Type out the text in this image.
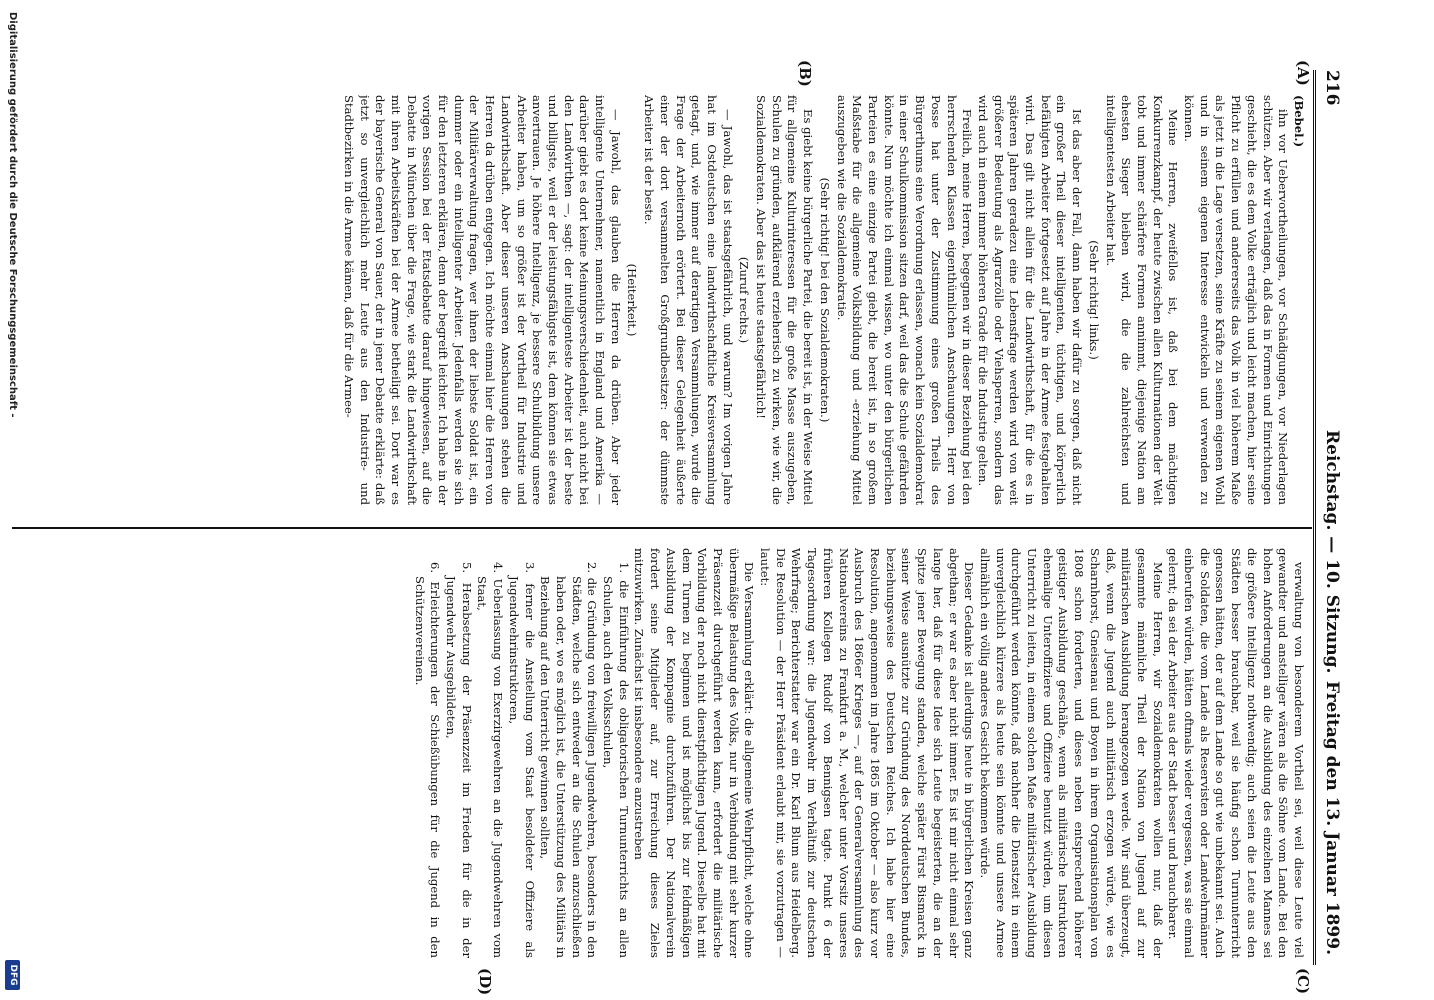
216
Reichstag. — 10. Sitzung.
Freitag den 13. Januar 1899.
(A)
(B)
(C)
(D)

(Bebel.)

ihn vor Uebervortheilungen, vor Schädigungen, vor Niederlagen schützen. Aber wir verlangen, daß das in Formen und Einrichtungen geschieht, die es dem Volke erträglich und leicht machen, hier seine Pflicht zu erfüllen und andererseits das Volk in viel höherem Maße als jetzt in die Lage versetzen, seine Kräfte zu seinem eigenen Wohl und in seinem eigenen Interesse entwickeln und verwenden zu können.

Meine Herren, zweifellos ist, daß bei dem mächtigen Konkurrenzkampf, der heute zwischen allen Kulturnationen der Welt tobt und immer schärfere Formen annimmt, diejenige Nation am ehesten Sieger bleiben wird, die die zahlreichsten und intelligentesten Arbeiter hat.

(Sehr richtig! links.)

Ist das aber der Fall, dann haben wir dafür zu sorgen, daß nicht ein großer Theil dieser intelligenten, tüchtigen, und körperlich befähigten Arbeiter fortgesetzt auf Jahre in der Armee festgehalten wird. Das gilt nicht allein für die Landwirthschaft, für die es in späteren Jahren geradezu eine Lebensfrage werden wird von weit größerer Bedeutung als Agrarzölle oder Viehsperren, sondern das wird auch in einem immer höheren Grade für die Industrie gelten.

Freilich, meine Herren, begegnen wir in dieser Beziehung bei den herrschenden Klassen eigenthümlichen Anschauungen. Herr von Posse hat unter der Zustimmung eines großen Theils des Bürgerthums eine Verordnung erlassen, wonach kein Sozialdemokrat in einer Schulkommission sitzen darf, weil das die Schule gefährden könnte. Nun möchte ich einmal wissen, wo unter den bürgerlichen Parteien es eine einzige Partei giebt, die bereit ist, in so großem Maßstabe für die allgemeine Volksbildung und -erziehung Mittel auszugeben wie die Sozialdemokratie.

(Sehr richtig! bei den Sozialdemokraten.)

Es giebt keine bürgerliche Partei, die bereit ist, in der Weise Mittel für allgemeine Kulturinteressen für die große Masse auszugeben, Schulen zu gründen, aufklärend erzieherisch zu wirken, wie wir, die Sozialdemokraten. Aber das ist heute staatsgefährlich!

(Zuruf rechts.)

— Jawohl, das ist staatsgefährlich, und warum? Im vorigen Jahre hat im Ostdeutschen eine landwirthschaftliche Kreisversammlung getagt, und, wie immer auf derartigen Versammlungen, wurde die Frage der Arbeiternoth erörtert. Bei dieser Gelegenheit äußerte einer der dort versammelten Großgrundbesitzer: der dümmste Arbeiter ist der beste.

(Heiterkeit.)

— Jawohl, das glauben die Herren da drüben. Aber jeder intelligente Unternehmer, namentlich in England und Amerika — darüber giebt es dort keine Meinungsverschiedenheit, auch nicht bei den Landwirthen —, sagt: der intelligenteste Arbeiter ist der beste und billigste, weil er der leistungsfähigste ist, dem können sie etwas anvertrauen. Je höhere Intelligenz, je bessere Schulbildung unsere Arbeiter haben, um so größer ist der Vortheil für Industrie und Landwirthschaft. Aber dieser unseren Anschauungen stehen die Herren da drüben entgegen. Ich möchte einmal hier die Herren von der Militärverwaltung fragen, wer ihnen der liebste Soldat ist, ein dummer oder ein intelligenter Arbeiter. Jedenfalls werden sie sich für den letzteren erklären, denn der begreift leichter. Ich habe in der vorigen Session bei der Etatsdebatte darauf hingewiesen, auf die Debatte in München über die Frage, wie stark die Landwirthschaft mit ihren Arbeitskräften bei der Armee betheiligt sei. Dort war es der bayerische General von Sauer, der in jener Debatte erklärte: daß jetzt so unvergleichlich mehr Leute aus den Industrie- und Stadtbezirken in die Armee kämen, daß für die Armee-

verwaltung von besonderem Vortheil sei, weil diese Leute viel gewandter und anstelliger wären als die Söhne vom Lande. Bei den hohen Anforderungen an die Ausbildung des einzelnen Mannes sei die größere Intelligenz nothwendig; auch seien die Leute aus den Städten besser brauchbar, weil sie häufig schon Turnunterricht genossen hätten, der auf dem Lande so gut wie unbekannt sei. Auch die Soldaten, die vom Lande als Reservisten oder Landwehrmänner einberufen würden, hätten oftmals wieder vergessen, was sie einmal gelernt; da sei der Arbeiter aus der Stadt besser und brauchbarer.

Meine Herren, wir Sozialdemokraten wollen nur, daß der gesammte männliche Theil der Nation von Jugend auf zur militärischen Ausbildung herangezogen werde. Wir sind überzeugt, daß, wenn die Jugend auch militärisch erzogen würde, wie es Scharnhorst, Gneisenau und Boyen in ihrem Organisationsplan von 1808 schon forderten, und dieses neben entsprechend höherer geistiger Ausbildung geschähe, wenn als militärische Instruktoren ehemalige Unteroffiziere und Offiziere benutzt würden, um diesen Unterricht zu leiten, in einem solchen Maße militärischer Ausbildung durchgeführt werden könnte, daß nachher die Dienstzeit in einem unvergleichlich kürzere als heute sein könnte und unsere Armee allmählich ein völlig anderes Gesicht bekommen würde.

Dieser Gedanke ist allerdings heute in bürgerlichen Kreisen ganz abgethan; er war es aber nicht immer. Es ist mir nicht einmal sehr lange her, daß für diese Idee sich Leute begeisterten, die an der Spitze jener Bewegung standen, welche später Fürst Bismarck in seiner Weise ausnützte zur Gründung des Norddeutschen Bundes, beziehungsweise des Deutschen Reiches. Ich habe hier eine Resolution, angenommen im Jahre 1865 im Oktober — also kurz vor Ausbruch des 1866er Krieges —, auf der Generalversammlung des Nationalvereins zu Frankfurt a. M., welcher unter Vorsitz unseres früheren Kollegen Rudolf von Bennigsen tagte. Punkt 6 der Tagesordnung war: die Jugendwehr im Verhältniß zur deutschen Wehrfrage; Berichterstatter war ein Dr. Karl Blum aus Heidelberg. Die Resolution — der Herr Präsident erlaubt mir, sie vorzutragen — lautet:

Die Versammlung erklärt: die allgemeine Wehrpflicht, welche ohne übermäßige Belastung des Volks, nur in Verbindung mit sehr kurzer Präsenzzeit durchgeführt werden kann, erfordert die militärische Vorbildung der noch nicht dienstpflichtigen Jugend. Dieselbe hat mit dem Turnen zu beginnen und ist möglichst bis zur feldmäßigen Ausbildung der Kompagnie durchzuführen. Der Nationalverein fordert seine Mitglieder auf, zur Erreichung dieses Zieles mitzuwirken. Zunächst ist insbesondere anzustreben

1. die Einführung des obligatorischen Turnunterrichts an allen Schulen, auch den Volksschulen,
2. die Gründung von freiwilligen Jugendwehren, besonders in den Städten, welche sich entweder an die Schulen anzuschließen haben oder, wo es möglich ist, die Unterstützung des Militärs in Beziehung auf den Unterricht gewinnen sollten,
3. ferner die Anstellung vom Staat besoldeter Offiziere als Jugendwehrinstruktoren,
4. Ueberlassung von Exerzirgewehren an die Jugendwehren vom Staat,
5. Herabsetzung der Präsenzzeit im Frieden für die in der Jugendwehr Ausgebildeten,
6. Erleichterungen der Schießübungen für die Jugend in den Schützenvereinen.
Digitalisierung gefördert durch die Deutsche Forschungsgemeinschaft -
DFG
